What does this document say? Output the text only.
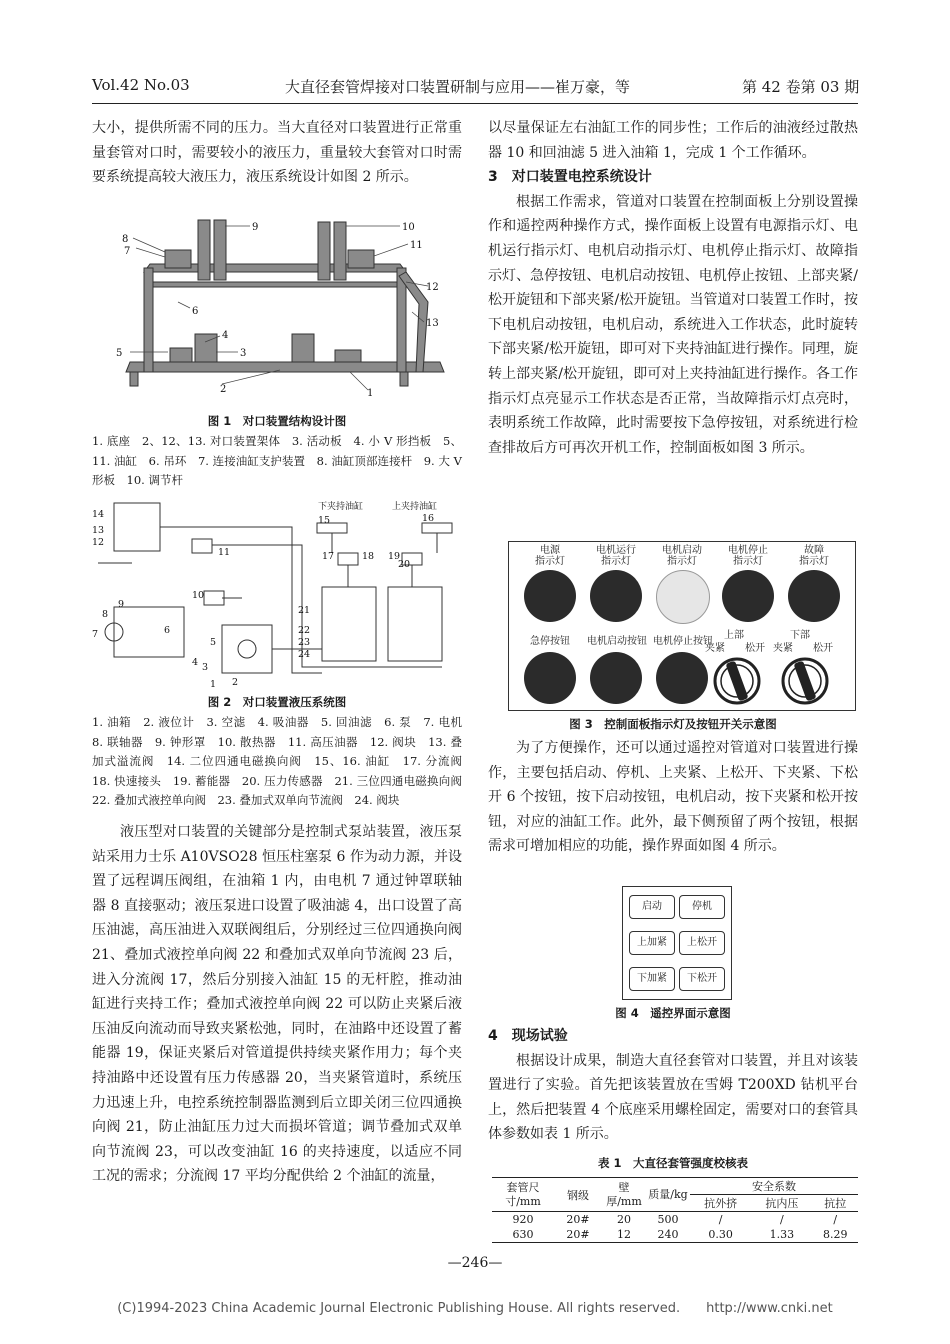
Vol.42 No.03	大直径套管焊接对口装置研制与应用——崔万豪，等	第 42 卷第 03 期

大小，提供所需不同的压力。当大直径对口装置进行正常重量套管对口时，需要较小的液压力，重量较大套管对口时需要系统提高较大液压力，液压系统设计如图 2 所示。

1
2
3
4
5
6
7
8
9	10
11
12
13
图 1　对口装置结构设计图
1. 底座　2、12、13. 对口装置架体　3. 活动板　4. 小 V 形挡板　5、11. 油缸　6. 吊环　7. 连接油缸支护装置　8. 油缸顶部连接杆　9. 大 V 形板　10. 调节杆
下夹持油缸	上夹持油缸
1 2
3
4
5
6
7
8
9
10
11
12
13
14
15	16
17	18 19
20
21
22
23
24
图 2　对口装置液压系统图
1. 油箱　2. 液位计　3. 空滤　4. 吸油器　5. 回油滤　6. 泵　7. 电机　8. 联轴器　9. 钟形罩　10. 散热器　11. 高压油器　12. 阀块　13. 叠加式溢流阀　14. 二位四通电磁换向阀　15、16. 油缸　17. 分流阀　18. 快速接头　19. 蓄能器　20. 压力传感器　21. 三位四通电磁换向阀　22. 叠加式液控单向阀　23. 叠加式双单向节流阀　24. 阀块

液压型对口装置的关键部分是控制式泵站装置，液压泵站采用力士乐 A10VSO28 恒压柱塞泵 6 作为动力源，并设置了远程调压阀组，在油箱 1 内，由电机 7 通过钟罩联轴器 8 直接驱动；液压泵进口设置了吸油滤 4，出口设置了高压油滤，高压油进入双联阀组后，分别经过三位四通换向阀 21、叠加式液控单向阀 22 和叠加式双单向节流阀 23 后，进入分流阀 17，然后分别接入油缸 15 的无杆腔，推动油缸进行夹持工作；叠加式液控单向阀 22 可以防止夹紧后液压油反向流动而导致夹紧松弛，同时，在油路中还设置了蓄能器 19，保证夹紧后对管道提供持续夹紧作用力；每个夹持油路中还设置有压力传感器 20，当夹紧管道时，系统压力迅速上升，电控系统控制器监测到后立即关闭三位四通换向阀 21，防止油缸压力过大而损坏管道；调节叠加式双单向节流阀 23，可以改变油缸 16 的夹持速度，以适应不同工况的需求；分流阀 17 平均分配供给 2 个油缸的流量，

以尽量保证左右油缸工作的同步性；工作后的油液经过散热器 10 和回油滤 5 进入油箱 1，完成 1 个工作循环。

3　对口装置电控系统设计

根据工作需求，管道对口装置在控制面板上分别设置操作和遥控两种操作方式，操作面板上设置有电源指示灯、电机运行指示灯、电机启动指示灯、电机停止指示灯、故障指示灯、急停按钮、电机启动按钮、电机停止按钮、上部夹紧/松开旋钮和下部夹紧/松开旋钮。当管道对口装置工作时，按下电机启动按钮，电机启动，系统进入工作状态，此时旋转下部夹紧/松开旋钮，即可对下夹持油缸进行操作。同理，旋转上部夹紧/松开旋钮，即可对上夹持油缸进行操作。各工作指示灯点亮显示工作状态是否正常，当故障指示灯点亮时，表明系统工作故障，此时需要按下急停按钮，对系统进行检查排故后方可再次开机工作，控制面板如图 3 所示。

电源
指示灯
电机运行
指示灯
电机启动
指示灯
电机停止
指示灯
故障
指示灯
急停按钮	电机启动按钮 电机停止按钮
上部	下部
夹紧 松开 夹紧 松开
图 3　控制面板指示灯及按钮开关示意图

为了方便操作，还可以通过遥控对管道对口装置进行操作，主要包括启动、停机、上夹紧、上松开、下夹紧、下松开 6 个按钮，按下启动按钮，电机启动，按下夹紧和松开按钮，对应的油缸工作。此外，最下侧预留了两个按钮，根据需求可增加相应的功能，操作界面如图 4 所示。

启动	停机
上加紧	上松开
下加紧	下松开
图 4　遥控界面示意图

4　现场试验

根据设计成果，制造大直径套管对口装置，并且对该装置进行了实验。首先把该装置放在雪姆 T200XD 钻机平台上，然后把装置 4 个底座采用螺栓固定，需要对口的套管具体参数如表 1 所示。

表 1　大直径套管强度校核表
套管尺寸/mm	钢级	壁厚/mm	质量/kg	安全系数		
				抗外挤	抗内压	抗拉
920	20#	20	500	/	/	/
630	20#	12	240	0.30	1.33	8.29
—246—
(C)1994-2023 China Academic Journal Electronic Publishing House. All rights reserved.　　http://www.cnki.net
